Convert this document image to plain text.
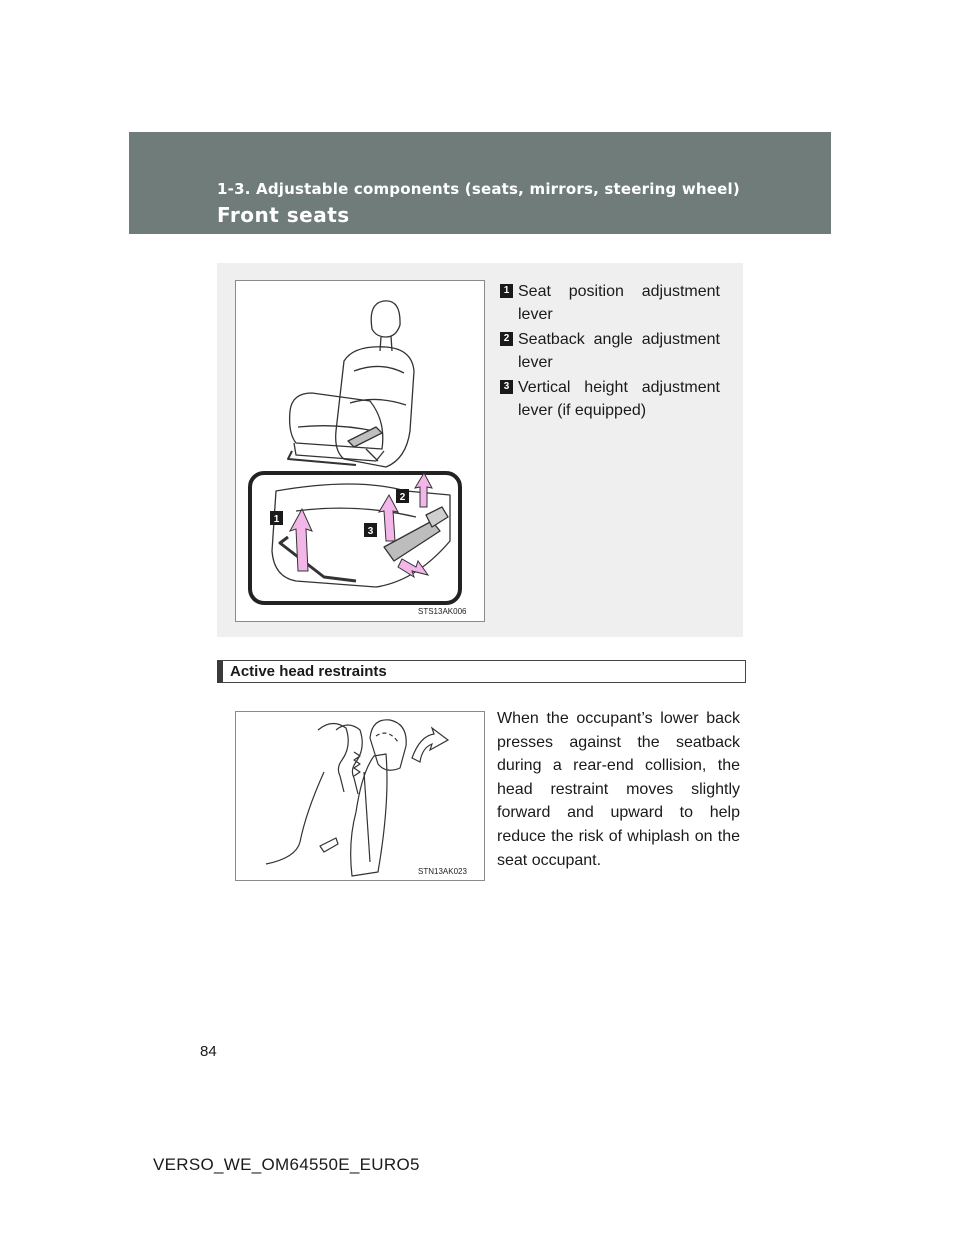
1-3. Adjustable components (seats, mirrors, steering wheel)
Front seats
1
2
3
STS13AK006
1 Seat position adjustment lever
2 Seatback angle adjustment lever
3 Vertical height adjustment lever (if equipped)
Active head restraints
STN13AK023
When the occupant’s lower back presses against the seatback during a rear-end collision, the head restraint moves slightly forward and upward to help reduce the risk of whiplash on the seat occupant.
84
VERSO_WE_OM64550E_EURO5
